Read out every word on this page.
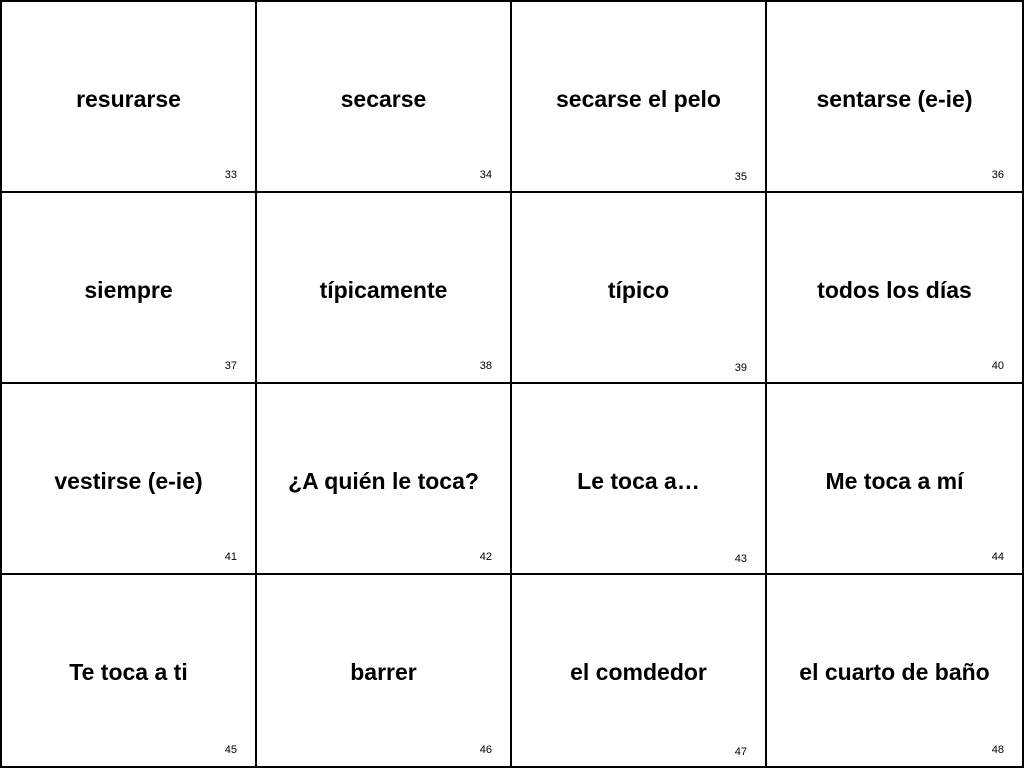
resurarse
33
secarse
34
secarse el pelo
35
sentarse (e-ie)
36
siempre
37
típicamente
38
típico
39
todos los días
40
vestirse (e-ie)
41
¿A quién le toca?
42
Le toca a…
43
Me toca a mí
44
Te toca a ti
45
barrer
46
el comdedor
47
el cuarto de baño
48
